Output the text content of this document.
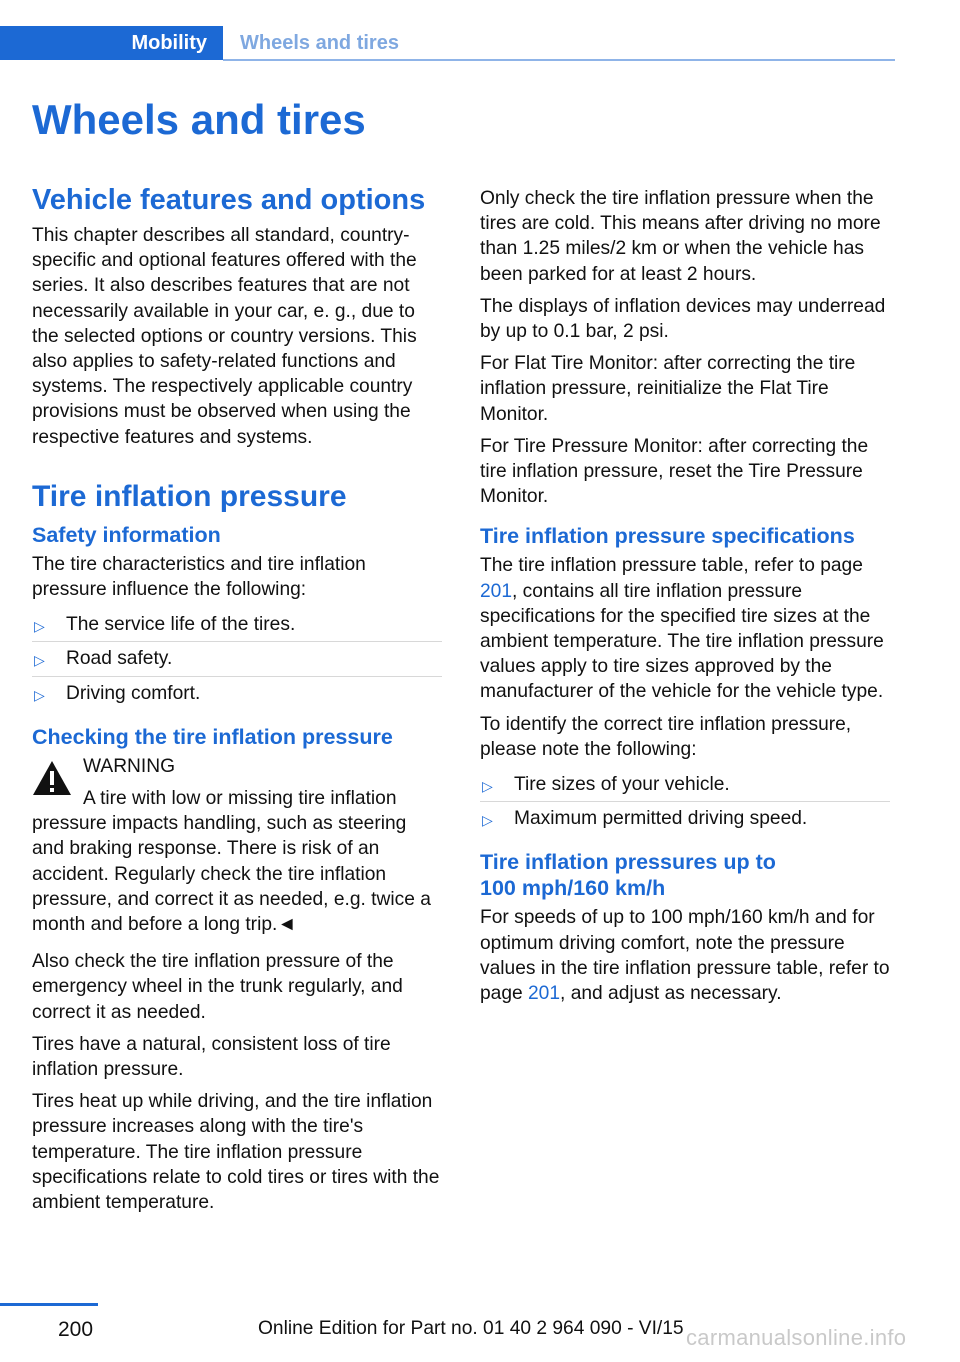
Mobility	Wheels and tires
Wheels and tires
Vehicle features and options

This chapter describes all standard, country-specific and optional features offered with the series. It also describes features that are not necessarily available in your car, e. g., due to the selected options or country versions. This also applies to safety-related functions and systems. The respectively applicable country provisions must be observed when using the respective features and systems.

Tire inflation pressure
Safety information

The tire characteristics and tire inflation pressure influence the following:

▷ The service life of the tires.
▷ Road safety.
▷ Driving comfort.
Checking the tire inflation pressure
WARNING

A tire with low or missing tire inflation pressure impacts handling, such as steering and braking response. There is risk of an accident. Regularly check the tire inflation pressure, and correct it as needed, e.g. twice a month and before a long trip.◄

Also check the tire inflation pressure of the emergency wheel in the trunk regularly, and correct it as needed.

Tires have a natural, consistent loss of tire inflation pressure.

Tires heat up while driving, and the tire inflation pressure increases along with the tire's temperature. The tire inflation pressure specifications relate to cold tires or tires with the ambient temperature.

Only check the tire inflation pressure when the tires are cold. This means after driving no more than 1.25 miles/2 km or when the vehicle has been parked for at least 2 hours.

The displays of inflation devices may underread by up to 0.1 bar, 2 psi.

For Flat Tire Monitor: after correcting the tire inflation pressure, reinitialize the Flat Tire Monitor.

For Tire Pressure Monitor: after correcting the tire inflation pressure, reset the Tire Pressure Monitor.

Tire inflation pressure specifications

The tire inflation pressure table, refer to page 201, contains all tire inflation pressure specifications for the specified tire sizes at the ambient temperature. The tire inflation pressure values apply to tire sizes approved by the manufacturer of the vehicle for the vehicle type.

To identify the correct tire inflation pressure, please note the following:

▷ Tire sizes of your vehicle.
▷ Maximum permitted driving speed.
Tire inflation pressures up to
100 mph/160 km/h

For speeds of up to 100 mph/160 km/h and for optimum driving comfort, note the pressure values in the tire inflation pressure table, refer to page 201, and adjust as necessary.

200	Online Edition for Part no. 01 40 2 964 090 - VI/15 carmanualsonline.info
